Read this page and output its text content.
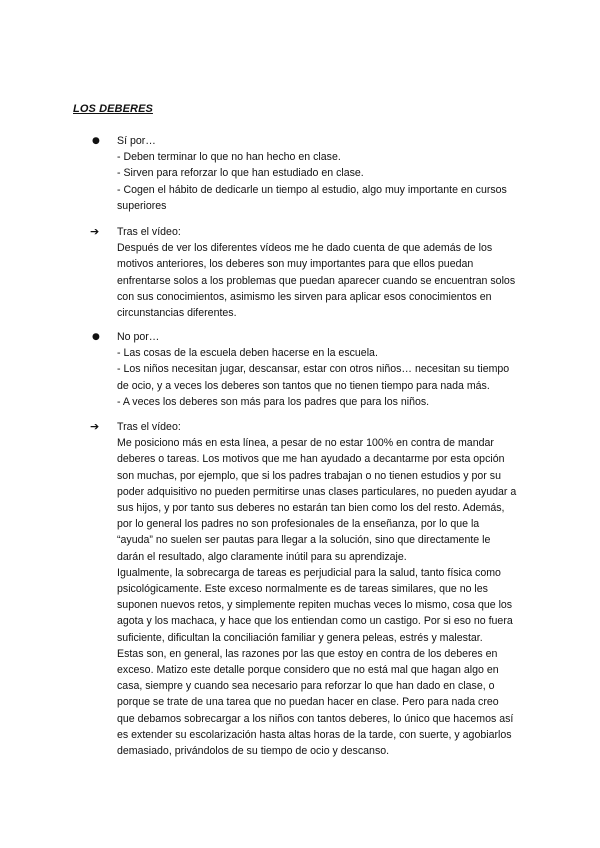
LOS DEBERES
●	Sí por…
- Deben terminar lo que no han hecho en clase.
- Sirven para reforzar lo que han estudiado en clase.
- Cogen el hábito de dedicarle un tiempo al estudio, algo muy importante en cursos
superiores
➔	Tras el vídeo:
Después de ver los diferentes vídeos me he dado cuenta de que además de los
motivos anteriores, los deberes son muy importantes para que ellos puedan
enfrentarse solos a los problemas que puedan aparecer cuando se encuentran solos
con sus conocimientos, asimismo les sirven para aplicar esos conocimientos en
circunstancias diferentes.
●	No por…
- Las cosas de la escuela deben hacerse en la escuela.
- Los niños necesitan jugar, descansar, estar con otros niños… necesitan su tiempo
de ocio, y a veces los deberes son tantos que no tienen tiempo para nada más.
- A veces los deberes son más para los padres que para los niños.
➔	Tras el vídeo:
Me posiciono más en esta línea, a pesar de no estar 100% en contra de mandar
deberes o tareas. Los motivos que me han ayudado a decantarme por esta opción
son muchas, por ejemplo, que si los padres trabajan o no tienen estudios y por su
poder adquisitivo no pueden permitirse unas clases particulares, no pueden ayudar a
sus hijos, y por tanto sus deberes no estarán tan bien como los del resto. Además,
por lo general los padres no son profesionales de la enseñanza, por lo que la
“ayuda” no suelen ser pautas para llegar a la solución, sino que directamente le
darán el resultado, algo claramente inútil para su aprendizaje.
Igualmente, la sobrecarga de tareas es perjudicial para la salud, tanto física como
psicológicamente. Este exceso normalmente es de tareas similares, que no les
suponen nuevos retos, y simplemente repiten muchas veces lo mismo, cosa que los
agota y los machaca, y hace que los entiendan como un castigo. Por si eso no fuera
suficiente, dificultan la conciliación familiar y genera peleas, estrés y malestar.
Estas son, en general, las razones por las que estoy en contra de los deberes en
exceso. Matizo este detalle porque considero que no está mal que hagan algo en
casa, siempre y cuando sea necesario para reforzar lo que han dado en clase, o
porque se trate de una tarea que no puedan hacer en clase. Pero para nada creo
que debamos sobrecargar a los niños con tantos deberes, lo único que hacemos así
es extender su escolarización hasta altas horas de la tarde, con suerte, y agobiarlos
demasiado, privándolos de su tiempo de ocio y descanso.
